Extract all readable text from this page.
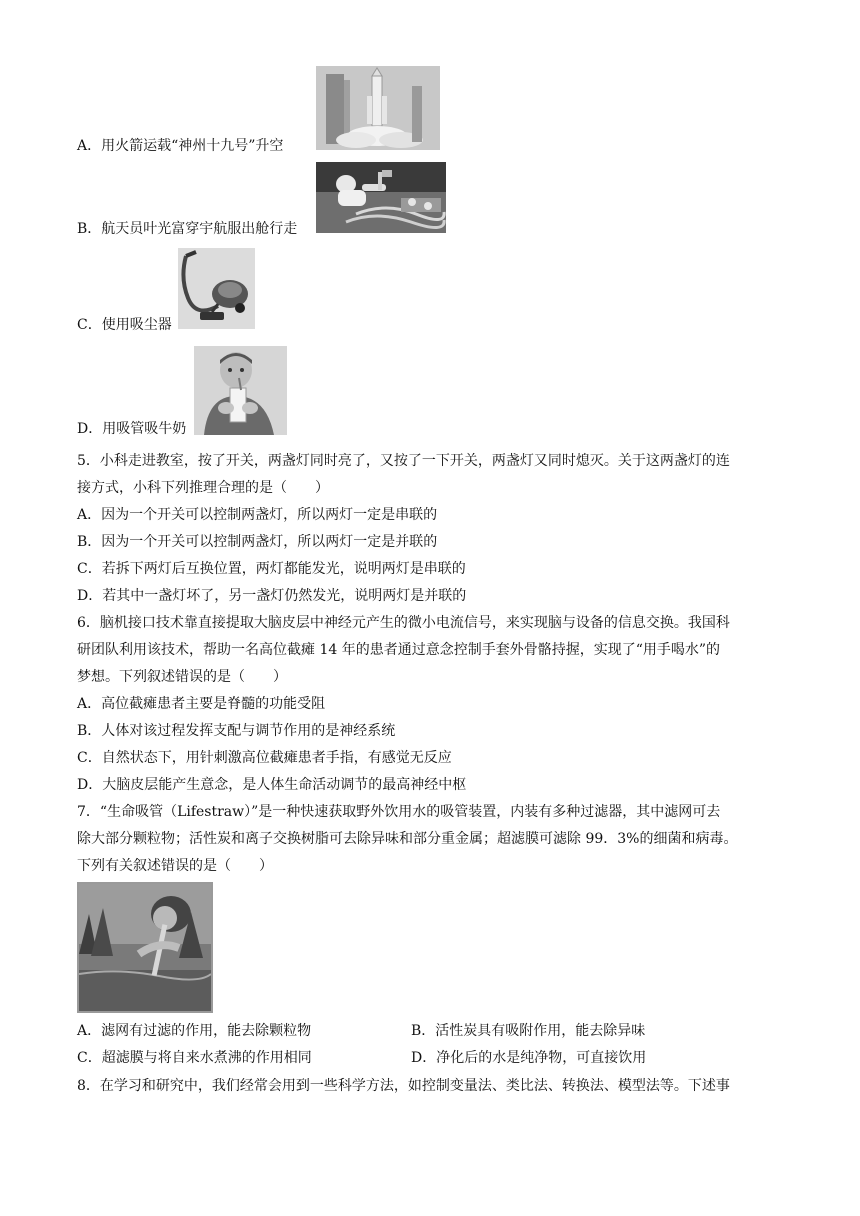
A．用火箭运载“神州十九号”升空
B．航天员叶光富穿宇航服出舱行走
C．使用吸尘器
D．用吸管吸牛奶
5．小科走进教室，按了开关，两盏灯同时亮了，又按了一下开关，两盏灯又同时熄灭。关于这两盏灯的连
接方式，小科下列推理合理的是（　　）
A．因为一个开关可以控制两盏灯，所以两灯一定是串联的
B．因为一个开关可以控制两盏灯，所以两灯一定是并联的
C．若拆下两灯后互换位置，两灯都能发光，说明两灯是串联的
D．若其中一盏灯坏了，另一盏灯仍然发光，说明两灯是并联的
6．脑机接口技术靠直接提取大脑皮层中神经元产生的微小电流信号，来实现脑与设备的信息交换。我国科
研团队利用该技术，帮助一名高位截瘫 14 年的患者通过意念控制手套外骨骼持握，实现了“用手喝水”的
梦想。下列叙述错误的是（　　）
A．高位截瘫患者主要是脊髓的功能受阻
B．人体对该过程发挥支配与调节作用的是神经系统
C．自然状态下，用针刺激高位截瘫患者手指，有感觉无反应
D．大脑皮层能产生意念，是人体生命活动调节的最高神经中枢
7．“生命吸管（Lifestraw）”是一种快速获取野外饮用水的吸管装置，内装有多种过滤器，其中滤网可去
除大部分颗粒物；活性炭和离子交换树脂可去除异味和部分重金属；超滤膜可滤除 99．3%的细菌和病毒。
下列有关叙述错误的是（　　）
A．滤网有过滤的作用，能去除颗粒物	B．活性炭具有吸附作用，能去除异味
C．超滤膜与将自来水煮沸的作用相同	D．净化后的水是纯净物，可直接饮用
8．在学习和研究中，我们经常会用到一些科学方法，如控制变量法、类比法、转换法、模型法等。下述事
